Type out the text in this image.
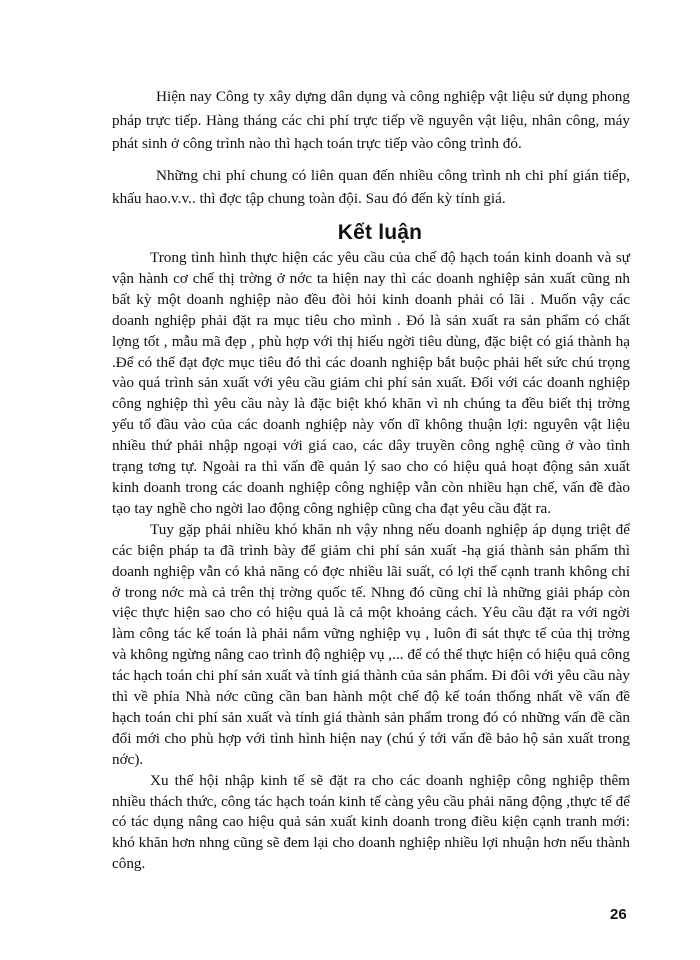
Hiện nay Công ty xây dựng dân dụng và công nghiệp vật liệu sử dụng phong pháp trực tiếp. Hàng tháng các chi phí trực tiếp về nguyên vật liệu, nhân công, máy phát sinh ở công trình nào thì hạch toán trực tiếp vào công trình đó.

Những chi phí chung có liên quan đến nhiều công trình nh chi phí gián tiếp, khấu hao.v.v.. thì đợc tập chung toàn đội. Sau đó đến kỳ tính giá.

Kết luận

Trong tình hình thực hiện các yêu cầu của chế độ hạch toán kinh doanh và sự vận hành cơ chế thị trờng ở nớc ta hiện nay thì các doanh nghiệp sản xuất cũng nh bất kỳ một doanh nghiệp nào đều đòi hỏi kinh doanh phải có lãi . Muốn vậy các doanh nghiệp phải đặt ra mục tiêu cho mình . Đó là sản xuất ra sản phẩm có chất lợng tốt , mẫu mã đẹp , phù hợp với thị hiếu ngời tiêu dùng, đặc biệt có giá thành hạ .Để có thể đạt đợc mục tiêu đó thì các doanh nghiệp bắt buộc phải hết sức chú trọng vào quá trình sản xuất với yêu cầu giảm chi phí sản xuất. Đối với các doanh nghiệp công nghiệp thì yêu cầu này là đặc biệt khó khăn vì nh chúng ta đều biết thị trờng yếu tố đầu vào của các doanh nghiệp này vốn dĩ không thuận lợi: nguyên vật liệu nhiều thứ phải nhập ngoại với giá cao, các dây truyền công nghệ cũng ở vào tình trạng tơng tự. Ngoài ra thì vấn đề quản lý sao cho có hiệu quả hoạt động sản xuất kinh doanh trong các doanh nghiệp công nghiệp vẫn còn nhiều hạn chế, vấn đề đào tạo tay nghề cho ngời lao động công nghiệp cũng cha đạt yêu cầu đặt ra.

Tuy gặp phải nhiều khó khăn nh vậy nhng nếu doanh nghiệp áp dụng triệt để các biện pháp ta đã trình bày để giảm chi phí sản xuất -hạ giá thành sản phẩm thì doanh nghiệp vẫn có khả năng có đợc nhiều lãi suất, có lợi thế cạnh tranh không chỉ ở trong nớc mà cả trên thị trờng quốc tế. Nhng đó cũng chỉ là những giải pháp còn việc thực hiện sao cho có hiệu quả là cả một khoảng cách. Yêu cầu đặt ra với ngời làm công tác kế toán là phải nắm vững nghiệp vụ , luôn đi sát thực tế của thị trờng và không ngừng nâng cao trình độ nghiệp vụ ,... để có thể thực hiện có hiệu quả công tác hạch toán chi phí sản xuất và tính giá thành của sản phẩm. Đi đôi với yêu cầu này thì về phía Nhà nớc cũng cần ban hành một chế độ kế toán thống nhất về vấn đề hạch toán chi phí sản xuất và tính giá thành sản phẩm trong đó có những vấn đề cần đổi mới cho phù hợp với tình hình hiện nay (chú ý tới vấn đề bảo hộ sản xuất trong nớc).

Xu thế hội nhập kinh tế sẽ đặt ra cho các doanh nghiệp công nghiệp thêm nhiều thách thức, công tác hạch toán kinh tế càng yêu cầu phải năng động ,thực tế để có tác dụng nâng cao hiệu quả sản xuất kinh doanh trong điều kiện cạnh tranh mới: khó khăn hơn nhng cũng sẽ đem lại cho doanh nghiệp nhiều lợi nhuận hơn nếu thành công.

26
